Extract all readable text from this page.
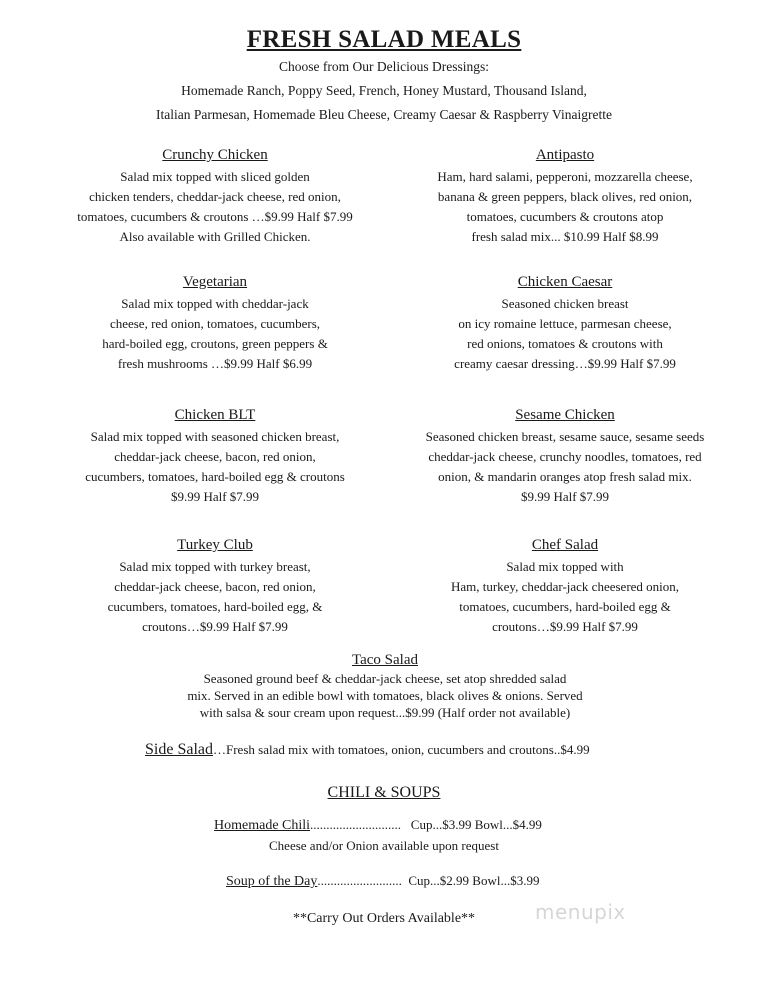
FRESH SALAD MEALS
Choose from Our Delicious Dressings:
Homemade Ranch, Poppy Seed, French, Honey Mustard, Thousand Island,
Italian Parmesan, Homemade Bleu Cheese, Creamy Caesar & Raspberry Vinaigrette
Crunchy Chicken
Salad mix topped with sliced golden
chicken tenders, cheddar-jack cheese, red onion,
tomatoes, cucumbers & croutons …$9.99 Half $7.99
Also available with Grilled Chicken.
Antipasto
Ham, hard salami, pepperoni, mozzarella cheese,
banana & green peppers, black olives, red onion,
tomatoes, cucumbers & croutons atop
fresh salad mix... $10.99 Half $8.99
Vegetarian
Salad mix topped with cheddar-jack
cheese, red onion, tomatoes, cucumbers,
hard-boiled egg, croutons, green peppers &
fresh mushrooms …$9.99 Half $6.99
Chicken Caesar
Seasoned chicken breast
on icy romaine lettuce, parmesan cheese,
red onions, tomatoes & croutons with
creamy caesar dressing…$9.99 Half $7.99
Chicken BLT
Salad mix topped with seasoned chicken breast,
cheddar-jack cheese, bacon, red onion,
cucumbers, tomatoes, hard-boiled egg & croutons
$9.99 Half $7.99
Sesame Chicken
Seasoned chicken breast, sesame sauce, sesame seeds
cheddar-jack cheese, crunchy noodles, tomatoes, red
onion, & mandarin oranges atop fresh salad mix.
$9.99 Half $7.99
Turkey Club
Salad mix topped with turkey breast,
cheddar-jack cheese, bacon, red onion,
cucumbers, tomatoes, hard-boiled egg, &
croutons…$9.99 Half $7.99
Chef Salad
Salad mix topped with
Ham, turkey, cheddar-jack cheesered onion,
tomatoes, cucumbers, hard-boiled egg &
croutons…$9.99 Half $7.99
Taco Salad
Seasoned ground beef & cheddar-jack cheese, set atop shredded salad
mix. Served in an edible bowl with tomatoes, black olives & onions. Served
with salsa & sour cream upon request...$9.99 (Half order not available)
Side Salad…Fresh salad mix with tomatoes, onion, cucumbers and croutons..$4.99
CHILI & SOUPS
Homemade Chili............................ Cup...$3.99 Bowl...$4.99
Cheese and/or Onion available upon request
Soup of the Day.......................... Cup...$2.99 Bowl...$3.99
**Carry Out Orders Available**	menupix
